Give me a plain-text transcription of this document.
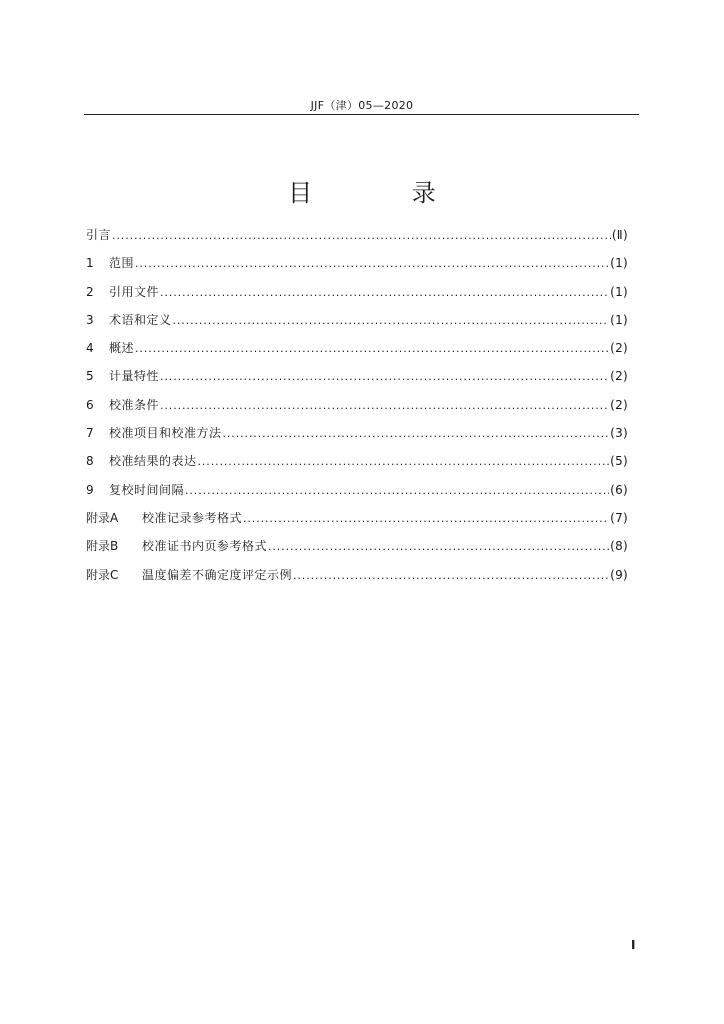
JJF（津）05—2020
目 录
引言 .....	(Ⅱ)
1	范围 .....	(1)
2	引用文件 .....	(1)
3	术语和定义 .....	(1)
4	概述 .....	(2)
5	计量特性 .....	(2)
6	校准条件 .....	(2)
7	校准项目和校准方法 .....	(3)
8	校准结果的表达 .....	(5)
9	复校时间间隔 .....	(6)
附录A	校准记录参考格式 .....	(7)
附录B	校准证书内页参考格式 .....	(8)
附录C	温度偏差不确定度评定示例 .....	(9)
I
